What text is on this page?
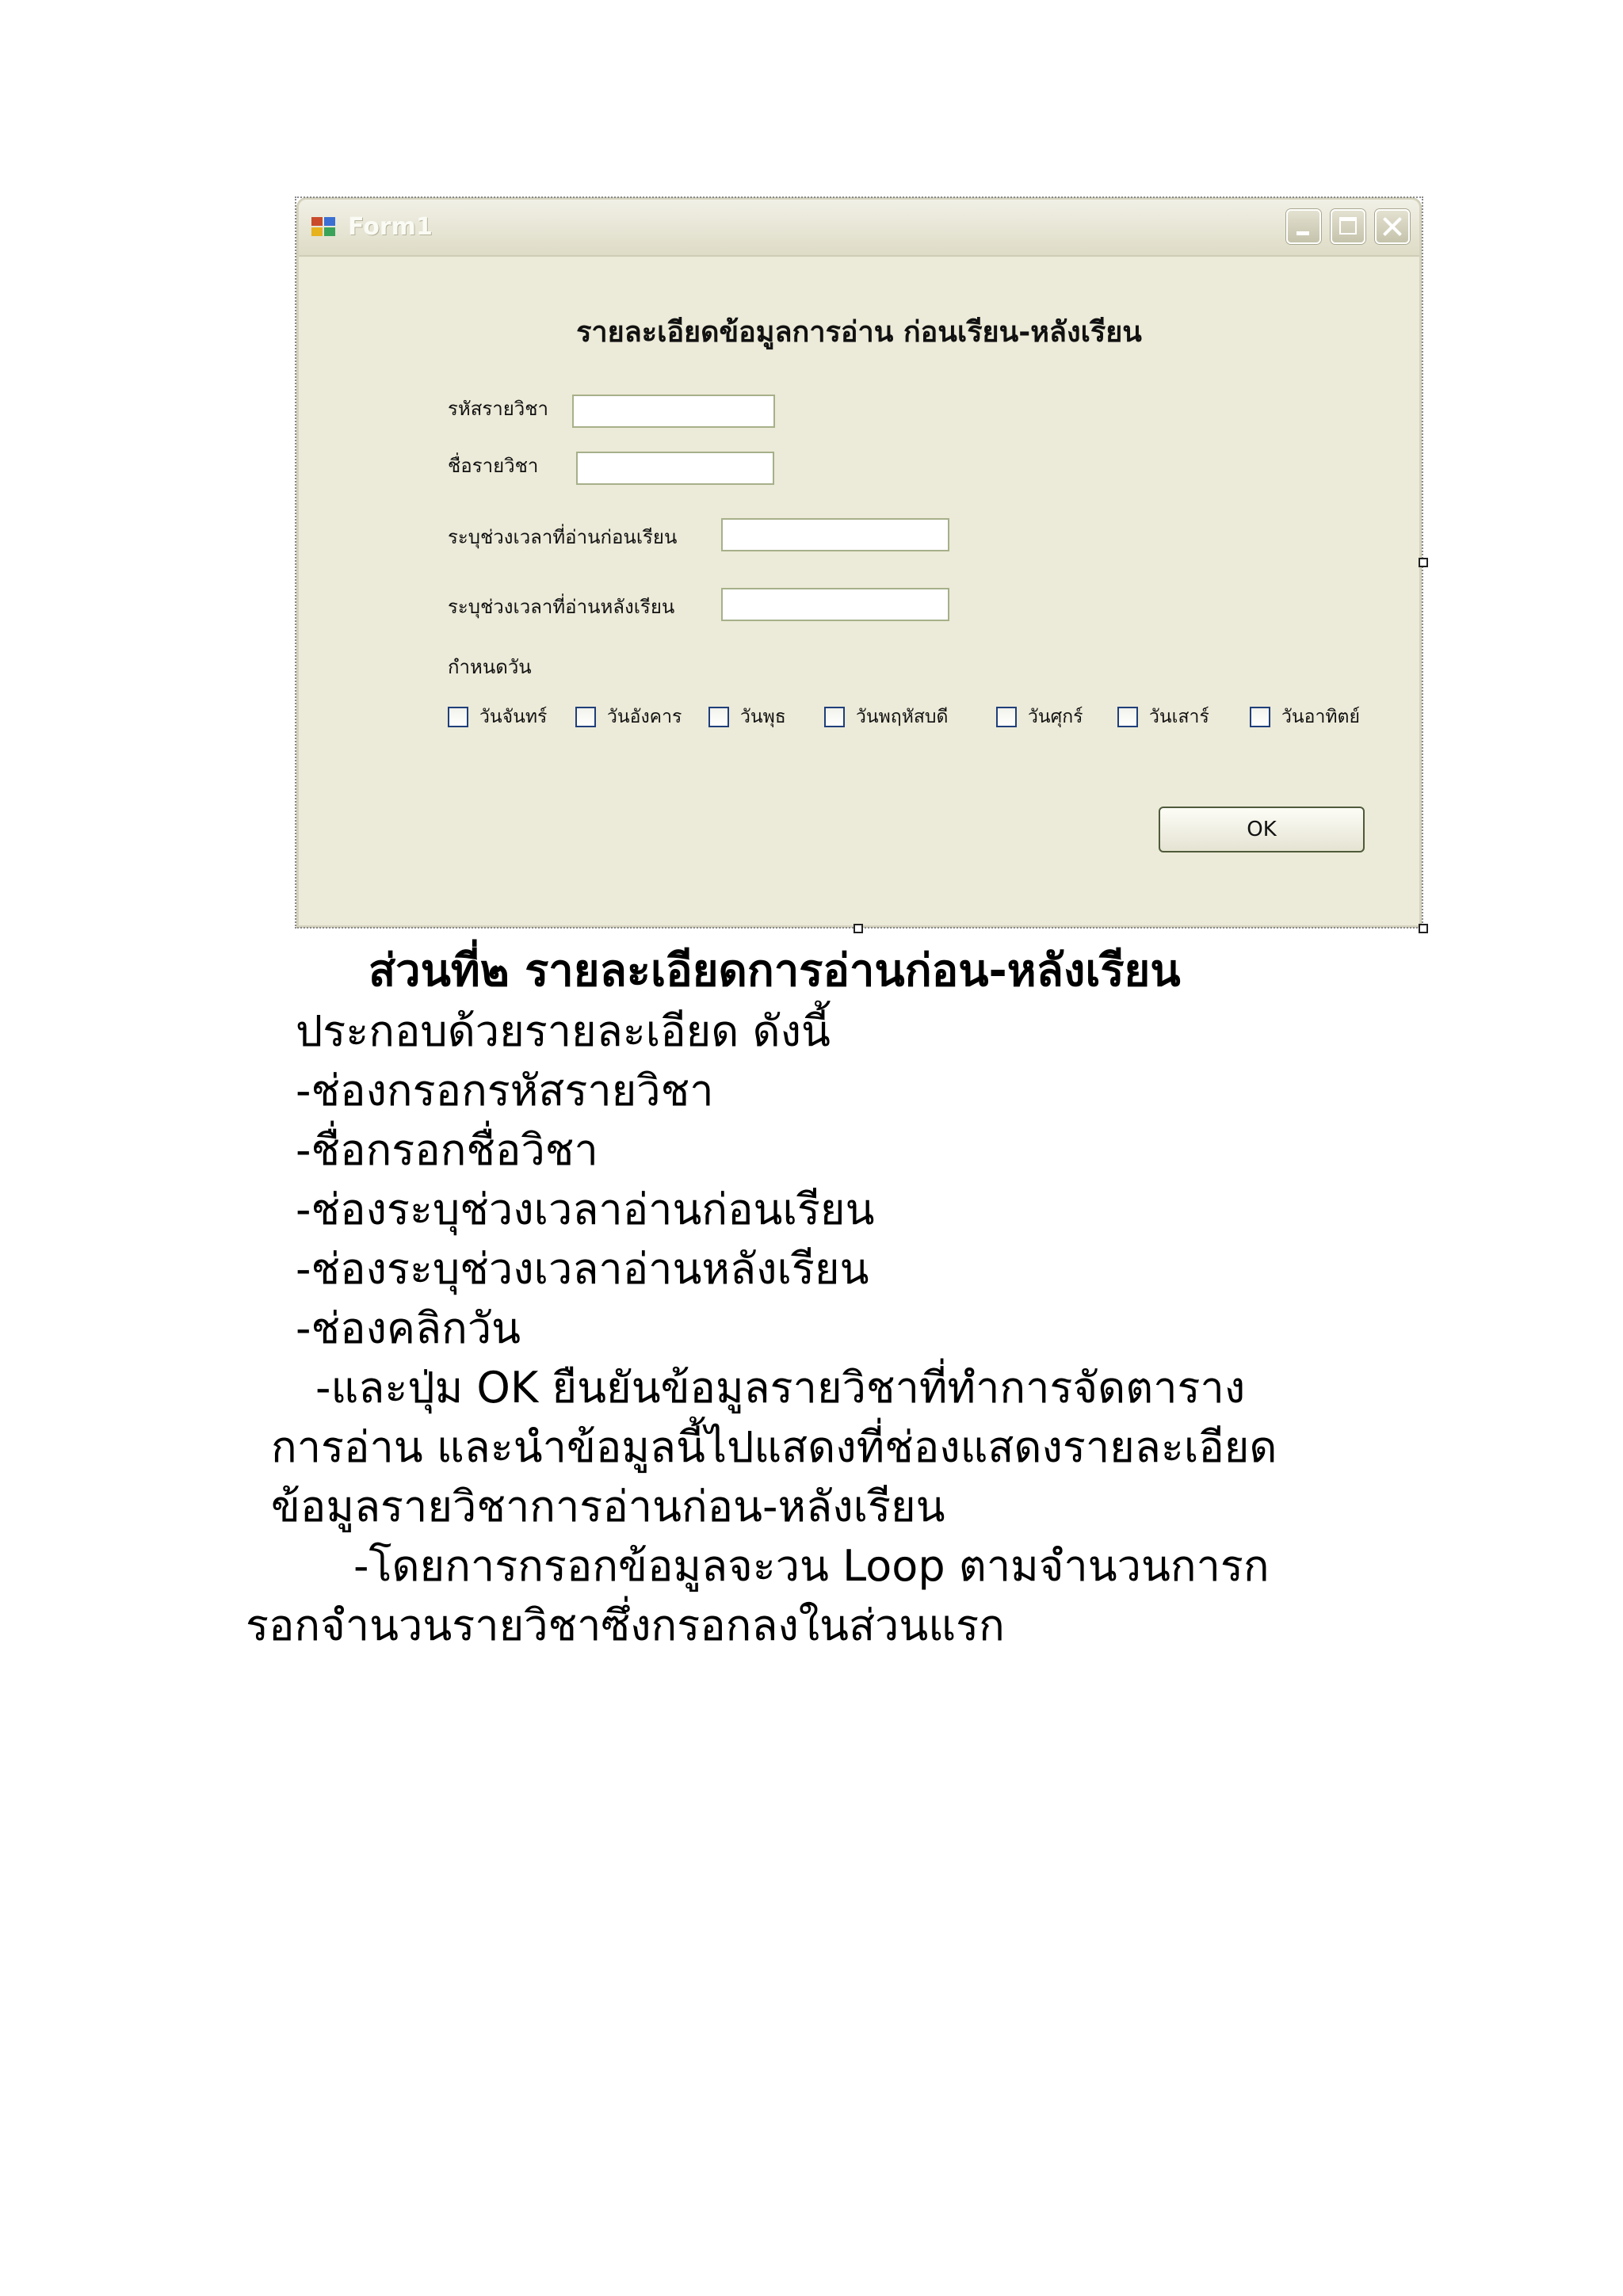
Form1
รายละเอียดข้อมูลการอ่าน ก่อนเรียน-หลังเรียน
รหัสรายวิชา
ชื่อรายวิชา
ระบุช่วงเวลาที่อ่านก่อนเรียน
ระบุช่วงเวลาที่อ่านหลังเรียน
กำหนดวัน
วันจันทร์	วันอังคาร	วันพุธ	วันพฤหัสบดี	วันศุกร์	วันเสาร์	วันอาทิตย์
OK
ส่วนที่๒ รายละเอียดการอ่านก่อน-หลังเรียน
ประกอบด้วยรายละเอียด ดังนี้
-ช่องกรอกรหัสรายวิชา
-ชื่อกรอกชื่อวิชา
-ช่องระบุช่วงเวลาอ่านก่อนเรียน
-ช่องระบุช่วงเวลาอ่านหลังเรียน
-ช่องคลิกวัน
-และปุ่ม OK ยืนยันข้อมูลรายวิชาที่ทำการจัดตาราง
การอ่าน และนำข้อมูลนี้ไปแสดงที่ช่องแสดงรายละเอียด
ข้อมูลรายวิชาการอ่านก่อน-หลังเรียน
-โดยการกรอกข้อมูลจะวน Loop ตามจำนวนการก
รอกจำนวนรายวิชาซึ่งกรอกลงในส่วนแรก
